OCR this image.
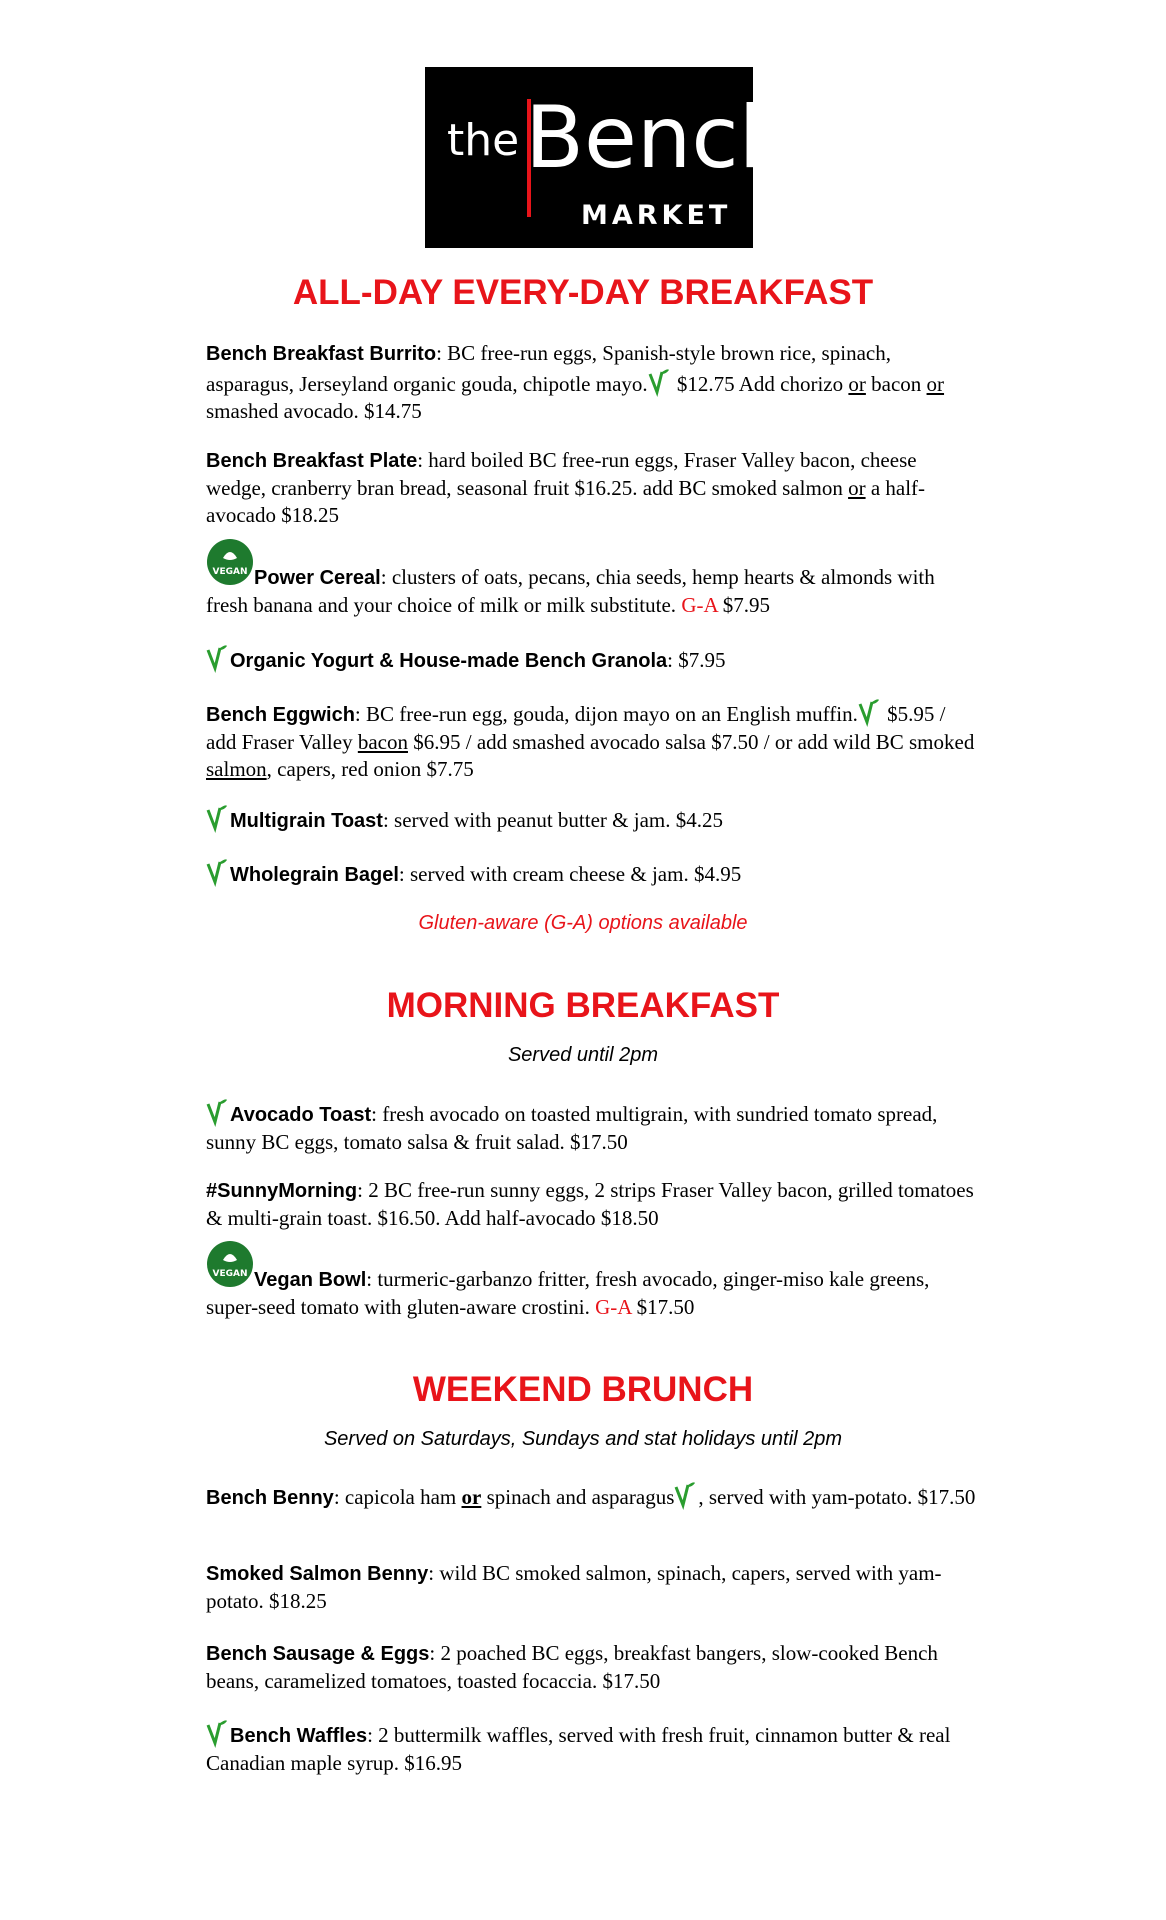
the Bench
MARKET
ALL-DAY EVERY-DAY BREAKFAST

Bench Breakfast Burrito: BC free-run eggs, Spanish-style brown rice, spinach, asparagus, Jerseyland organic gouda, chipotle mayo. $12.75 Add chorizo or bacon or smashed avocado. $14.75

Bench Breakfast Plate: hard boiled BC free-run eggs, Fraser Valley bacon, cheese wedge, cranberry bran bread, seasonal fruit $16.25. add BC smoked salmon or a half-avocado $18.25

VEGAN Power Cereal: clusters of oats, pecans, chia seeds, hemp hearts & almonds with fresh banana and your choice of milk or milk substitute. G-A $7.95

Organic Yogurt & House-made Bench Granola: $7.95

Bench Eggwich: BC free-run egg, gouda, dijon mayo on an English muffin. $5.95 / add Fraser Valley bacon $6.95 / add smashed avocado salsa $7.50 / or add wild BC smoked salmon, capers, red onion $7.75

Multigrain Toast: served with peanut butter & jam. $4.25

Wholegrain Bagel: served with cream cheese & jam. $4.95

Gluten-aware (G-A) options available

MORNING BREAKFAST

Served until 2pm

Avocado Toast: fresh avocado on toasted multigrain, with sundried tomato spread, sunny BC eggs, tomato salsa & fruit salad. $17.50

#SunnyMorning: 2 BC free-run sunny eggs, 2 strips Fraser Valley bacon, grilled tomatoes & multi-grain toast. $16.50. Add half-avocado $18.50

VEGAN Vegan Bowl: turmeric-garbanzo fritter, fresh avocado, ginger-miso kale greens, super-seed tomato with gluten-aware crostini. G-A $17.50

WEEKEND BRUNCH

Served on Saturdays, Sundays and stat holidays until 2pm

Bench Benny: capicola ham or spinach and asparagus , served with yam-potato. $17.50

Smoked Salmon Benny: wild BC smoked salmon, spinach, capers, served with yam-potato. $18.25

Bench Sausage & Eggs: 2 poached BC eggs, breakfast bangers, slow-cooked Bench beans, caramelized tomatoes, toasted focaccia. $17.50

Bench Waffles: 2 buttermilk waffles, served with fresh fruit, cinnamon butter & real Canadian maple syrup. $16.95
